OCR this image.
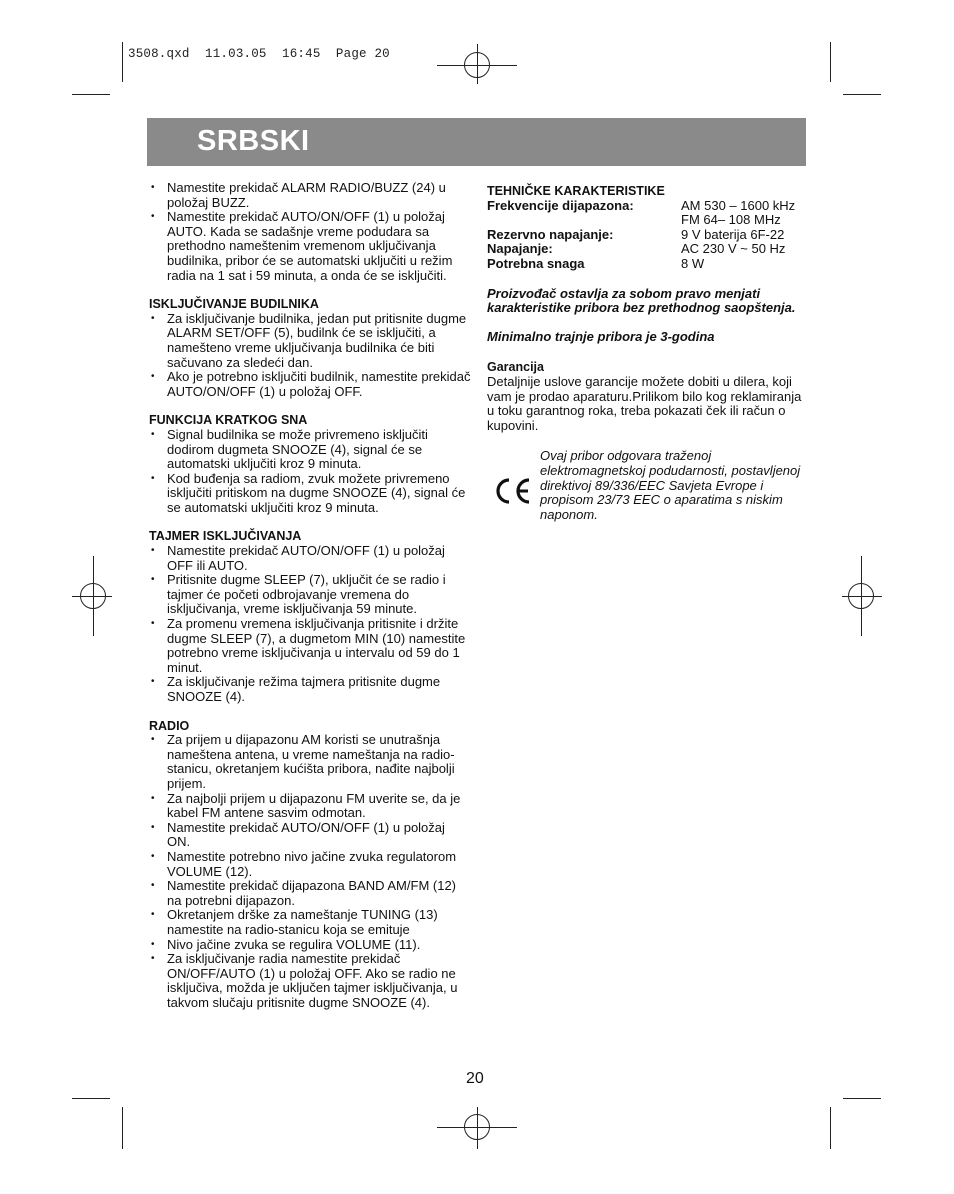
3508.qxd  11.03.05  16:45  Page 20
SRBSKI
• Namestite prekidač ALARM RADIO/BUZZ (24) u položaj BUZZ.
• Namestite prekidač AUTO/ON/OFF (1) u položaj AUTO. Kada se sadašnje vreme podudara sa prethodno nameštenim vremenom uključivanja budilnika, pribor će se automatski uključiti u režim radia na 1 sat i 59 minuta, a onda će se isključiti.
ISKLJUČIVANJE BUDILNIKA
• Za isključivanje budilnika, jedan put pritisnite dugme ALARM SET/OFF (5), budilnk će se isključiti, a namešteno vreme uključivanja budilnika će biti sačuvano za sledeći dan.
• Ako je potrebno isključiti budilnik, namestite prekidač AUTO/ON/OFF (1) u položaj OFF.
FUNKCIJA KRATKOG SNA
• Signal budilnika se može privremeno isključiti dodirom dugmeta SNOOZE (4), signal će se automatski uključiti kroz 9 minuta.
• Kod buđenja sa radiom, zvuk možete privremeno isključiti pritiskom na dugme SNOOZE (4), signal će se automatski uključiti kroz 9 minuta.
TAJMER ISKLJUČIVANJA
• Namestite prekidač AUTO/ON/OFF (1) u položaj OFF ili AUTO.
• Pritisnite dugme SLEEP (7), uključit će se radio i tajmer će početi odbrojavanje vremena do isključivanja, vreme isključivanja 59 minute.
• Za promenu vremena isključivanja pritisnite i držite dugme SLEEP (7), a dugmetom MIN (10) namestite potrebno vreme isključivanja u intervalu od 59 do 1 minut.
• Za isključivanje režima tajmera pritisnite dugme SNOOZE (4).
RADIO
• Za prijem u dijapazonu AM koristi se unutrašnja nameštena antena, u vreme nameštanja na radio-stanicu, okretanjem kućišta pribora, nađite najbolji prijem.
• Za najbolji prijem u dijapazonu FM uverite se, da je kabel FM antene sasvim odmotan.
• Namestite prekidač AUTO/ON/OFF (1) u položaj ON.
• Namestite potrebno nivo jačine zvuka regulatorom VOLUME (12).
• Namestite prekidač dijapazona BAND AM/FM (12) na potrebni dijapazon.
• Okretanjem drške za nameštanje TUNING (13) namestite na radio-stanicu koja se emituje
• Nivo jačine zvuka se regulira VOLUME (11).
• Za isključivanje radia namestite prekidač ON/OFF/AUTO (1) u položaj OFF. Ako se radio ne isključiva, možda je uključen tajmer isključivanja, u takvom slučaju pritisnite dugme SNOOZE (4).
TEHNIČKE KARAKTERISTIKE
Frekvencije dijapazona:	AM 530 – 1600 kHz
FM 64– 108 MHz
Rezervno napajanje:	9 V baterija 6F-22
Napajanje:	AC 230 V ~ 50 Hz
Potrebna snaga	8 W
Proizvođač ostavlja za sobom pravo menjati karakteristike pribora bez prethodnog saopštenja.
Minimalno trajnje pribora je 3-godina
Garancija
Detaljnije uslove garancije možete dobiti u dilera, koji vam je prodao aparaturu.Prilikom bilo kog reklamiranja u toku garantnog roka, treba pokazati ček ili račun o kupovini.
Ovaj pribor odgovara traženoj elektromagnetskoj podudarnosti, postavljenoj direktivoj 89/336/EEC Savjeta Evrope i propisom 23/73 EEC o aparatima s niskim naponom.
20
